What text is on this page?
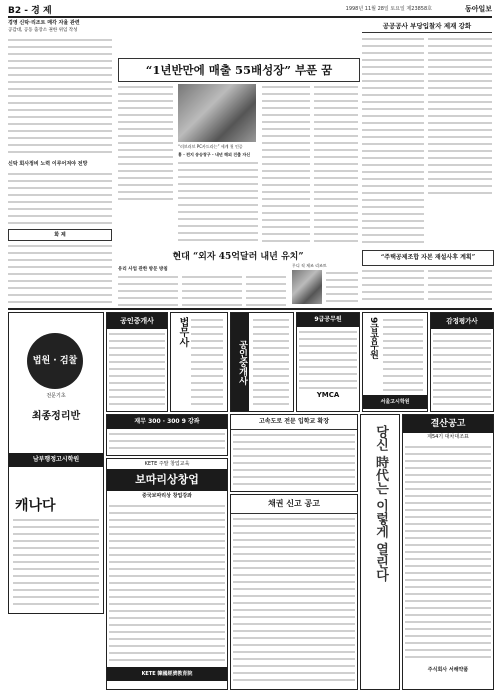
B2 - 경 제	1998년 11월 28일 토요일 제23858호	동아일보
경영 신탁·리조트 매각 자율 관련
공감대, 공동 출장소 권한 위임 작성
신탁 회사정비 노력 이루어져야 전망
화 제
“1년반만에 매출 55배성장” 부푼 꿈
“러브러브 PC카드라는” 세계 첫 인증
홍 · 전지 송승창구 · 내년 해외 진출 자신
공공공사 부당입찰자 제재 강화
“주택공제조합 자본 재설사후 계획”
현대 “외자 45억달러 내년 유치”
유리 사업 관한 방문 방침
무디 직 제조 리조트
법원 · 검찰
전문기초
최종정리반
남부행정고시학원
캐나다
공인중개사	법무사
공인중개사
9급공무원
YMCA
9급공무원
서울고시학원
감정평가사
재무 300 · 300 9 강좌	고속도로 전문 입학교 확장
KETE 주말 창업교육
보따리상창업
중국보따리상 창업강좌
KETE 韓國經濟教育院
채권 신고 공고	당신 時代는 이렇게 열린다
결산공고
제54기 대차대조표
주식회사 서해약품
